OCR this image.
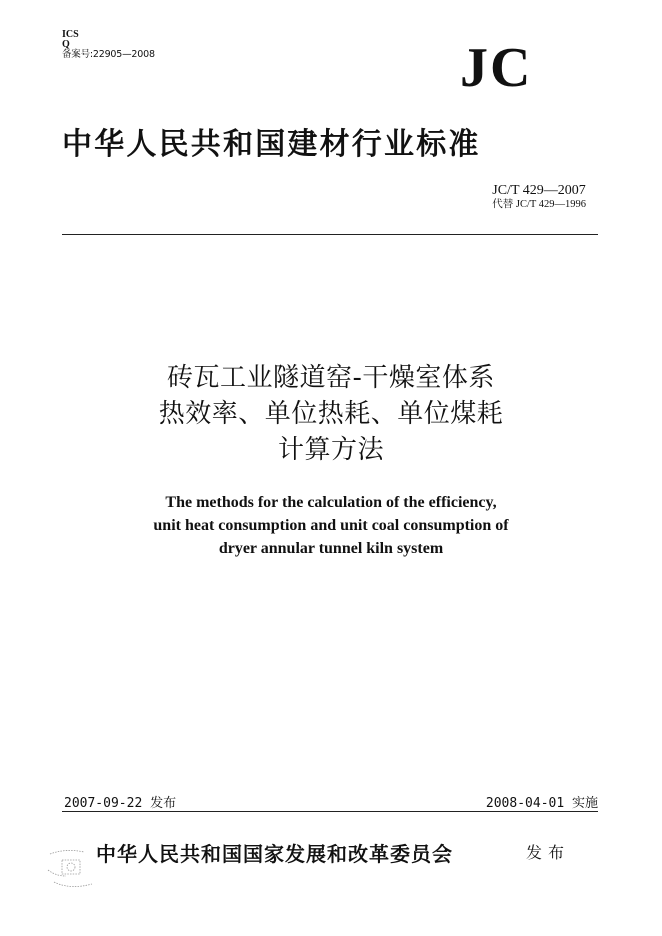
ICS
Q
备案号:22905—2008	JC
中华人民共和国建材行业标准
JC/T 429—2007
代替 JC/T 429—1996
砖瓦工业隧道窑-干燥室体系
热效率、单位热耗、单位煤耗
计算方法
The methods for the calculation of the efficiency,
unit heat consumption and unit coal consumption of
dryer annular tunnel kiln system
2007-09-22 发布	2008-04-01 实施
中华人民共和国国家发展和改革委员会	发布
